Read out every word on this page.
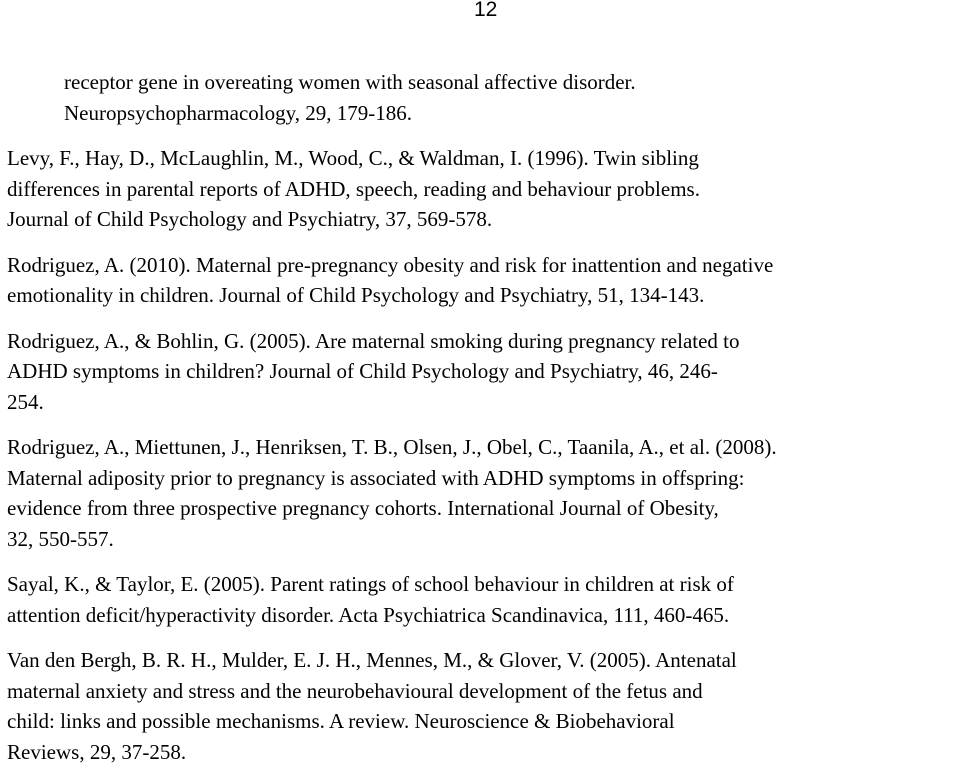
12
receptor gene in overeating women with seasonal affective disorder.
Neuropsychopharmacology, 29, 179-186.
Levy, F., Hay, D., McLaughlin, M., Wood, C., & Waldman, I. (1996). Twin sibling
differences in parental reports of ADHD, speech, reading and behaviour problems.
Journal of Child Psychology and Psychiatry, 37, 569-578.
Rodriguez, A. (2010). Maternal pre-pregnancy obesity and risk for inattention and negative
emotionality in children. Journal of Child Psychology and Psychiatry, 51, 134-143.
Rodriguez, A., & Bohlin, G. (2005). Are maternal smoking during pregnancy related to
ADHD symptoms in children? Journal of Child Psychology and Psychiatry, 46, 246-
254.
Rodriguez, A., Miettunen, J., Henriksen, T. B., Olsen, J., Obel, C., Taanila, A., et al. (2008).
Maternal adiposity prior to pregnancy is associated with ADHD symptoms in offspring:
evidence from three prospective pregnancy cohorts. International Journal of Obesity,
32, 550-557.
Sayal, K., & Taylor, E. (2005). Parent ratings of school behaviour in children at risk of
attention deficit/hyperactivity disorder. Acta Psychiatrica Scandinavica, 111, 460-465.
Van den Bergh, B. R. H., Mulder, E. J. H., Mennes, M., & Glover, V. (2005). Antenatal
maternal anxiety and stress and the neurobehavioural development of the fetus and
child: links and possible mechanisms. A review. Neuroscience & Biobehavioral
Reviews, 29, 37-258.
